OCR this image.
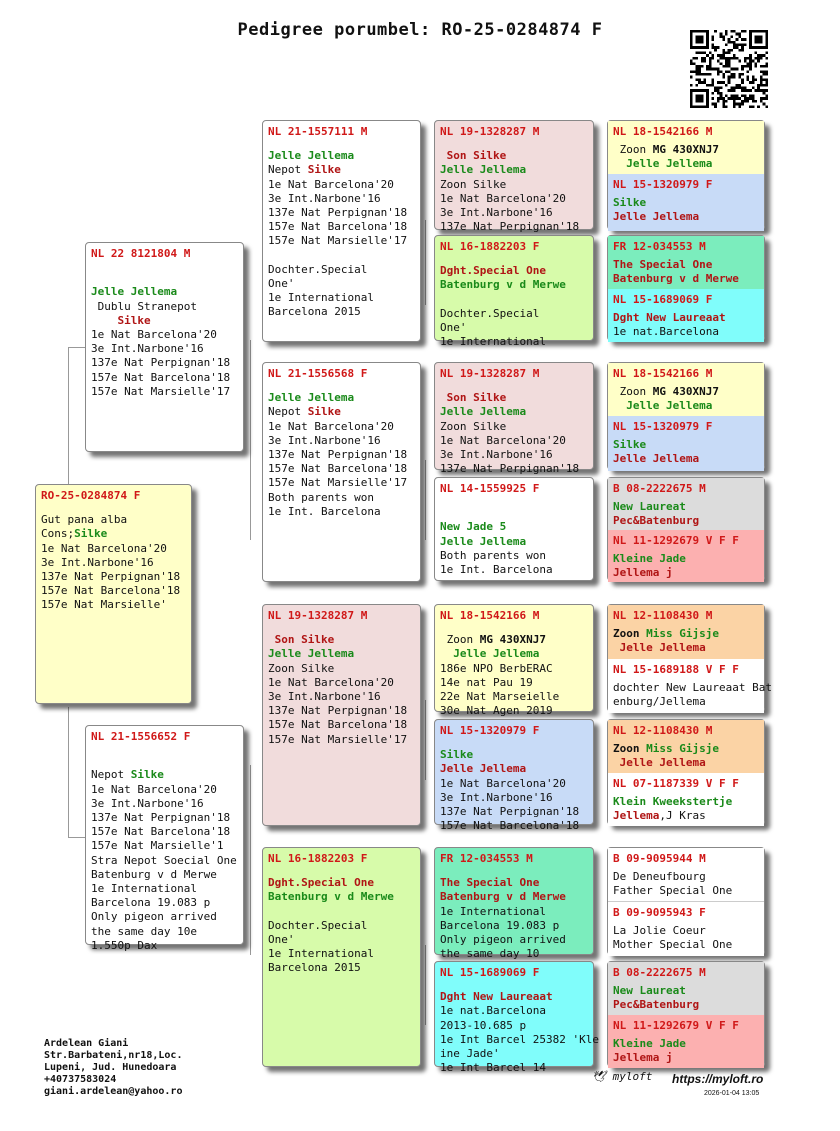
Pedigree porumbel: RO-25-0284874 F
RO-25-0284874 F
Gut pana alba
Cons;Silke
1e Nat Barcelona'20
3e Int.Narbone'16
137e Nat Perpignan'18
157e Nat Barcelona'18
157e Nat Marsielle'
NL 22 8121804 M

Jelle Jellema
Dublu Stranepot
Silke
1e Nat Barcelona'20
3e Int.Narbone'16
137e Nat Perpignan'18
157e Nat Barcelona'18
157e Nat Marsielle'17
NL 21-1556652 F

Nepot Silke
1e Nat Barcelona'20
3e Int.Narbone'16
137e Nat Perpignan'18
157e Nat Barcelona'18
157e Nat Marsielle'1
Stra Nepot Soecial One
Batenburg v d Merwe
1e International
Barcelona 19.083 p
Only pigeon arrived
the same day 10e
1.550p Dax
NL 21-1557111 M
Jelle Jellema
Nepot Silke
1e Nat Barcelona'20
3e Int.Narbone'16
137e Nat Perpignan'18
157e Nat Barcelona'18
157e Nat Marsielle'17

Dochter.Special
One'
1e International
Barcelona 2015
NL 21-1556568 F
Jelle Jellema
Nepot Silke
1e Nat Barcelona'20
3e Int.Narbone'16
137e Nat Perpignan'18
157e Nat Barcelona'18
157e Nat Marsielle'17
Both parents won
1e Int. Barcelona
NL 19-1328287 M
Son Silke
Jelle Jellema
Zoon Silke
1e Nat Barcelona'20
3e Int.Narbone'16
137e Nat Perpignan'18
157e Nat Barcelona'18
157e Nat Marsielle'17
NL 16-1882203 F
Dght.Special One
Batenburg v d Merwe

Dochter.Special
One'
1e International
Barcelona 2015
NL 19-1328287 M
Son Silke
Jelle Jellema
Zoon Silke
1e Nat Barcelona'20
3e Int.Narbone'16
137e Nat Perpignan'18
NL 16-1882203 F
Dght.Special One
Batenburg v d Merwe

Dochter.Special
One'
1e International
NL 19-1328287 M
Son Silke
Jelle Jellema
Zoon Silke
1e Nat Barcelona'20
3e Int.Narbone'16
137e Nat Perpignan'18
NL 14-1559925 F

New Jade 5
Jelle Jellema
Both parents won
1e Int. Barcelona
NL 18-1542166 M
Zoon MG 430XNJ7
Jelle Jellema
186e NPO BerbERAC
14e nat Pau 19
22e Nat Marseielle
30e Nat Agen 2019
NL 15-1320979 F
Silke
Jelle Jellema
1e Nat Barcelona'20
3e Int.Narbone'16
137e Nat Perpignan'18
157e Nat Barcelona'18
FR 12-034553 M
The Special One
Batenburg v d Merwe
1e International
Barcelona 19.083 p
Only pigeon arrived
the same day 10
NL 15-1689069 F
Dght New Laureaat
1e nat.Barcelona
2013-10.685 p
1e Int Barcel 25382 'Kle
ine Jade'
1e Int Barcel 14
NL 18-1542166 M
Zoon MG 430XNJ7
Jelle Jellema
NL 15-1320979 F
Silke
Jelle Jellema
FR 12-034553 M
The Special One
Batenburg v d Merwe
NL 15-1689069 F
Dght New Laureaat
1e nat.Barcelona
NL 18-1542166 M
Zoon MG 430XNJ7
Jelle Jellema
NL 15-1320979 F
Silke
Jelle Jellema
B 08-2222675 M
New Laureat
Pec&Batenburg
NL 11-1292679 V F F
Kleine Jade
Jellema j
NL 12-1108430 M
Zoon Miss Gijsje
Jelle Jellema
NL 15-1689188 V F F
dochter New Laureaat Bat
enburg/Jellema
NL 12-1108430 M
Zoon Miss Gijsje
Jelle Jellema
NL 07-1187339 V F F
Klein Kweekstertje
Jellema,J Kras
B 09-9095944 M
De Deneufbourg
Father Special One
B 09-9095943 F
La Jolie Coeur
Mother Special One
B 08-2222675 M
New Laureat
Pec&Batenburg
NL 11-1292679 V F F
Kleine Jade
Jellema j
Ardelean Giani
Str.Barbateni,nr18,Loc.
Lupeni, Jud. Hunedoara
+40737583024
giani.ardelean@yahoo.ro
🕊 myloft https://myloft.ro
2026-01-04 13:05
